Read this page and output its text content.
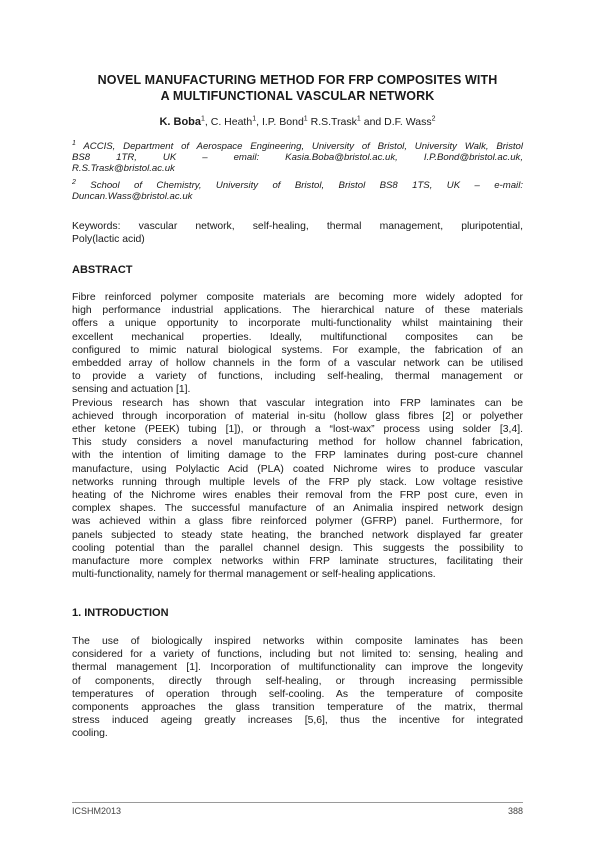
NOVEL MANUFACTURING METHOD FOR FRP COMPOSITES WITH
A MULTIFUNCTIONAL VASCULAR NETWORK
K. Boba$^1$, C. Heath$^1$, I.P. Bond$^1$ R.S.Trask$^1$ and D.F. Wass$^2$
$^1$ ACCIS, Department of Aerospace Engineering, University of Bristol, University Walk, Bristol
BS8 1TR, UK – email: Kasia.Boba@bristol.ac.uk, I.P.Bond@bristol.ac.uk,
R.S.Trask@bristol.ac.uk
$^2$ School of Chemistry, University of Bristol, Bristol BS8 1TS, UK – e-mail:
Duncan.Wass@bristol.ac.uk
Keywords: vascular network, self-healing, thermal management, pluripotential,
Poly(lactic acid)
ABSTRACT
Fibre reinforced polymer composite materials are becoming more widely adopted for
high performance industrial applications. The hierarchical nature of these materials
offers a unique opportunity to incorporate multi-functionality whilst maintaining their
excellent mechanical properties. Ideally, multifunctional composites can be
configured to mimic natural biological systems. For example, the fabrication of an
embedded array of hollow channels in the form of a vascular network can be utilised
to provide a variety of functions, including self-healing, thermal management or
sensing and actuation [1].
Previous research has shown that vascular integration into FRP laminates can be
achieved through incorporation of material in-situ (hollow glass fibres [2] or polyether
ether ketone (PEEK) tubing [1]), or through a “lost-wax” process using solder [3,4].
This study considers a novel manufacturing method for hollow channel fabrication,
with the intention of limiting damage to the FRP laminates during post-cure channel
manufacture, using Polylactic Acid (PLA) coated Nichrome wires to produce vascular
networks running through multiple levels of the FRP ply stack. Low voltage resistive
heating of the Nichrome wires enables their removal from the FRP post cure, even in
complex shapes. The successful manufacture of an Animalia inspired network design
was achieved within a glass fibre reinforced polymer (GFRP) panel. Furthermore, for
panels subjected to steady state heating, the branched network displayed far greater
cooling potential than the parallel channel design. This suggests the possibility to
manufacture more complex networks within FRP laminate structures, facilitating their
multi-functionality, namely for thermal management or self-healing applications.
1. INTRODUCTION
The use of biologically inspired networks within composite laminates has been
considered for a variety of functions, including but not limited to: sensing, healing and
thermal management [1]. Incorporation of multifunctionality can improve the longevity
of components, directly through self-healing, or through increasing permissible
temperatures of operation through self-cooling. As the temperature of composite
components approaches the glass transition temperature of the matrix, thermal
stress induced ageing greatly increases [5,6], thus the incentive for integrated
cooling.
ICSHM2013	388
